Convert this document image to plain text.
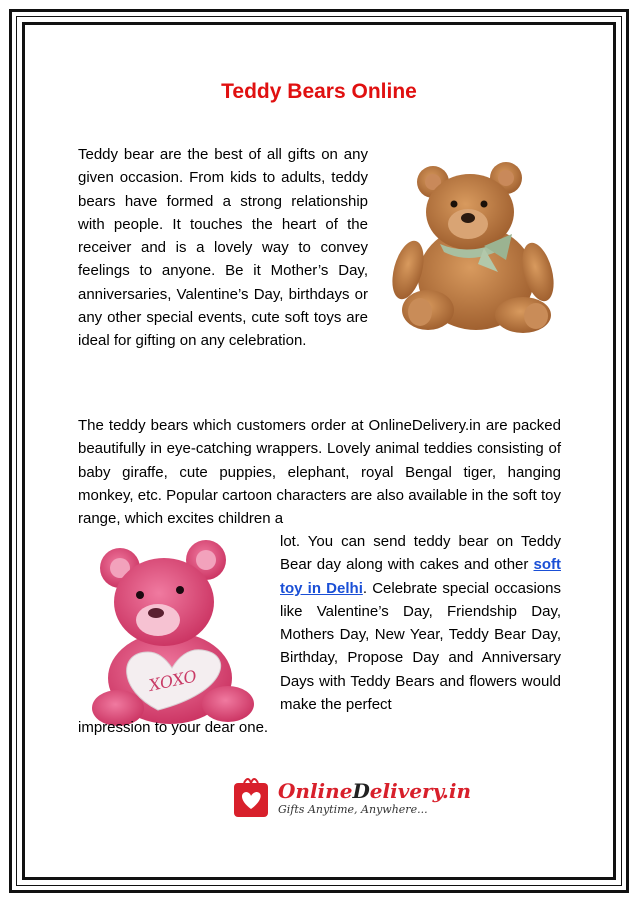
Teddy Bears Online
Teddy bear are the best of all gifts on any given occasion. From kids to adults, teddy bears have formed a strong relationship with people. It touches the heart of the receiver and is a lovely way to convey feelings to anyone. Be it Mother’s Day, anniversaries, Valentine’s Day, birthdays or any other special events, cute soft toys are ideal for gifting on any celebration.
The teddy bears which customers order at OnlineDelivery.in are packed beautifully in eye-catching wrappers. Lovely animal teddies consisting of baby giraffe, cute puppies, elephant, royal Bengal tiger, hanging monkey, etc. Popular cartoon characters are also available in the soft toy range, which excites children a
XOXO
lot. You can send teddy bear on Teddy Bear day along with cakes and other soft toy in Delhi. Celebrate special occasions like Valentine’s Day, Friendship Day, Mothers Day, New Year, Teddy Bear Day, Birthday, Propose Day and Anniversary Days with Teddy Bears and flowers would make the perfect
impression to your dear one.
OnlineDelivery.in
Gifts Anytime, Anywhere...
